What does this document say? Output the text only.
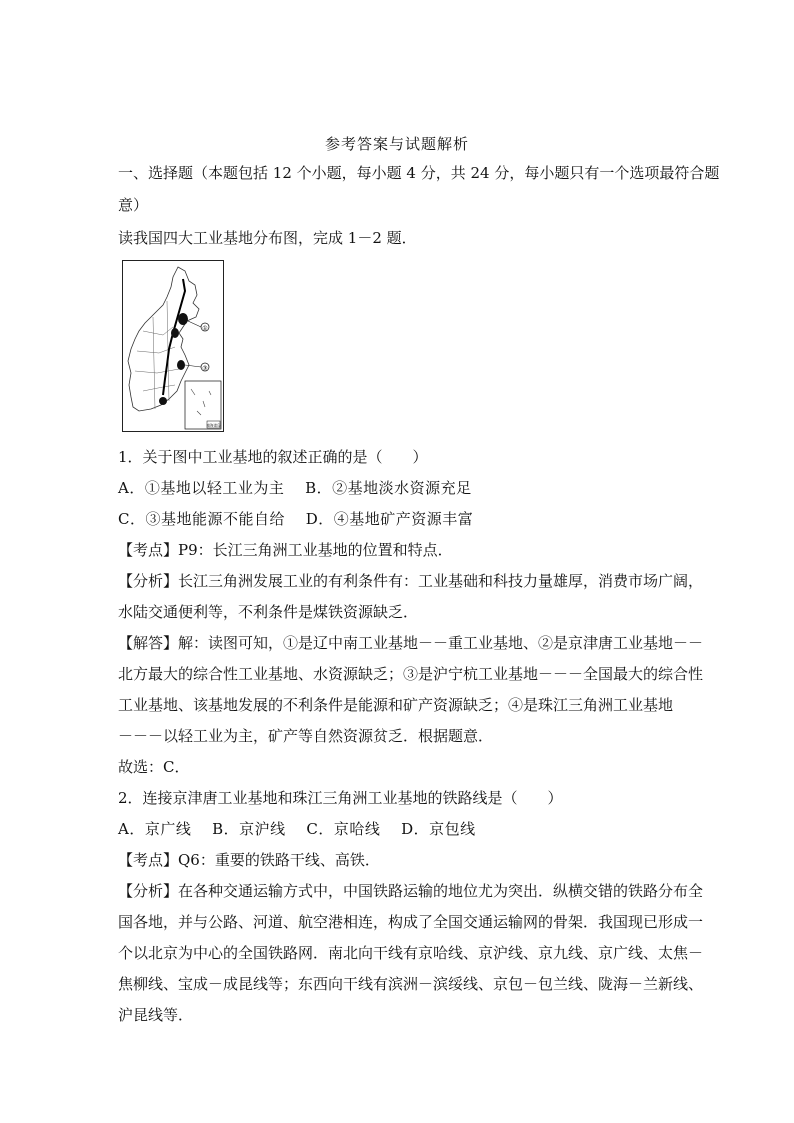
参考答案与试题解析
一、选择题（本题包括 12 个小题，每小题 4 分，共 24 分，每小题只有一个选项最符合题
意）
读我国四大工业基地分布图，完成 1－2 题．
①
③
南海诸岛
1．关于图中工业基地的叙述正确的是（　　）
A．①基地以轻工业为主　 B．②基地淡水资源充足
C．③基地能源不能自给　 D．④基地矿产资源丰富
【考点】P9：长江三角洲工业基地的位置和特点．
【分析】长江三角洲发展工业的有利条件有：工业基础和科技力量雄厚，消费市场广阔，
水陆交通便利等，不利条件是煤铁资源缺乏．
【解答】解：读图可知，①是辽中南工业基地－－重工业基地、②是京津唐工业基地－－
北方最大的综合性工业基地、水资源缺乏；③是沪宁杭工业基地－－－全国最大的综合性
工业基地、该基地发展的不利条件是能源和矿产资源缺乏；④是珠江三角洲工业基地
－－－以轻工业为主，矿产等自然资源贫乏．根据题意．
故选：C．
2．连接京津唐工业基地和珠江三角洲工业基地的铁路线是（　　）
A．京广线　 B．京沪线　 C．京哈线　 D．京包线
【考点】Q6：重要的铁路干线、高铁．
【分析】在各种交通运输方式中，中国铁路运输的地位尤为突出．纵横交错的铁路分布全
国各地，并与公路、河道、航空港相连，构成了全国交通运输网的骨架．我国现已形成一
个以北京为中心的全国铁路网．南北向干线有京哈线、京沪线、京九线、京广线、太焦－
焦柳线、宝成－成昆线等；东西向干线有滨洲－滨绥线、京包－包兰线、陇海－兰新线、
沪昆线等．
